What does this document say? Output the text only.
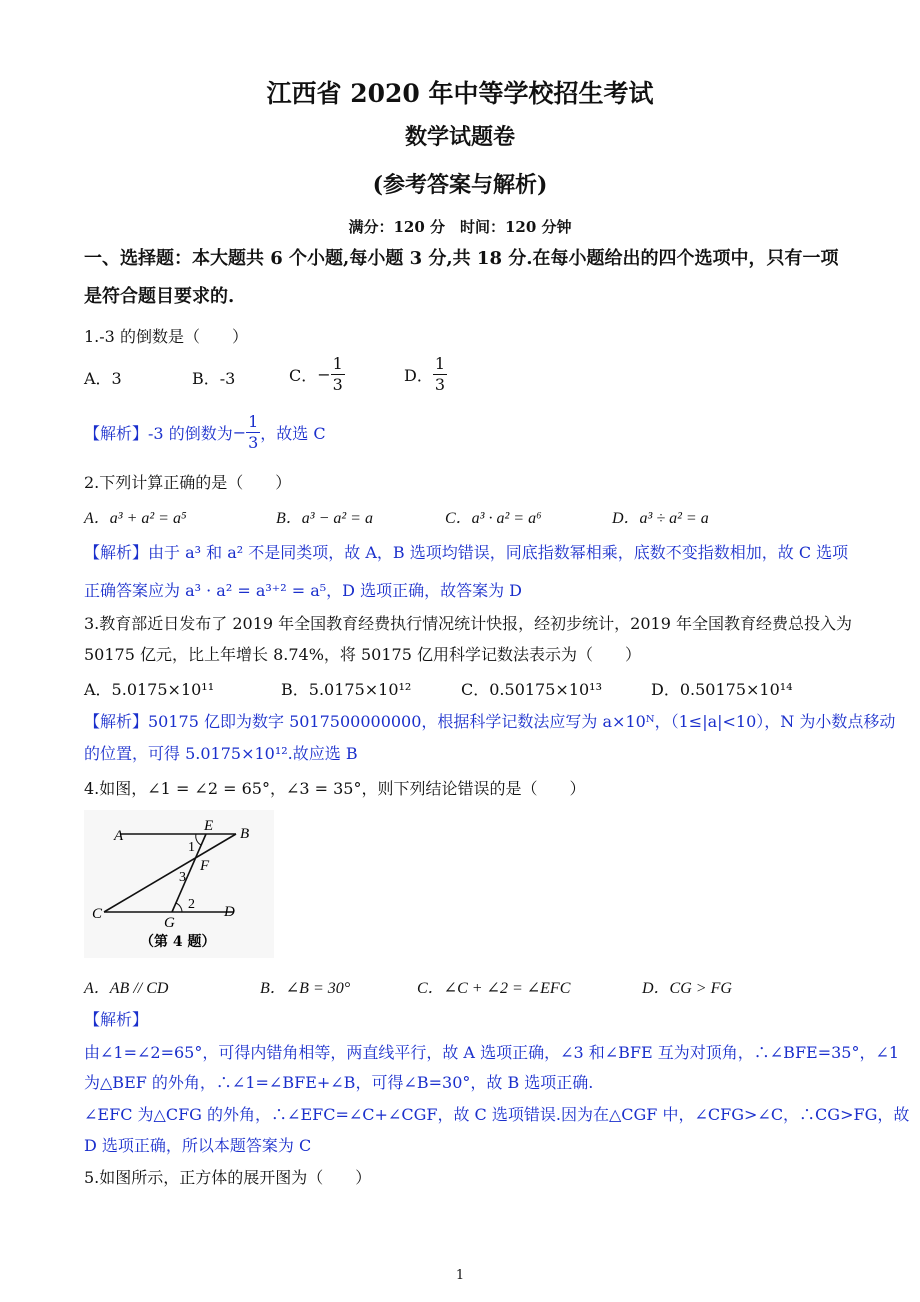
江西省 2020 年中等学校招生考试
数学试题卷
(参考答案与解析)
满分：120 分　时间：120 分钟
一、选择题：本大题共 6 个小题,每小题 3 分,共 18 分.在每小题给出的四个选项中，只有一项是符合题目要求的.
1.-3 的倒数是（　　）
A．3	B．-3	C．− $\frac{1}{3}$	D． $\frac{1}{3}$
【解析】-3 的倒数为− $\frac{1}{3}$ ，故选 C
2.下列计算正确的是（　　）
A．a³ + a² = a⁵	B．a³ − a² = a	C．a³ · a² = a⁶	D．a³ ÷ a² = a
【解析】由于 a³ 和 a² 不是同类项，故 A，B 选项均错误，同底指数幂相乘，底数不变指数相加，故 C 选项
正确答案应为 a³ · a² = a³⁺² = a⁵，D 选项正确，故答案为 D
3.教育部近日发布了 2019 年全国教育经费执行情况统计快报，经初步统计，2019 年全国教育经费总投入为
50175 亿元，比上年增长 8.74%，将 50175 亿用科学记数法表示为（　　）
A．5.0175×10¹¹	B．5.0175×10¹²	C．0.50175×10¹³	D．0.50175×10¹⁴
【解析】50175 亿即为数字 5017500000000，根据科学记数法应写为 a×10ᴺ，（1≤|a|<10），N 为小数点移动
的位置，可得 5.0175×10¹².故应选 B
4.如图，∠1 = ∠2 = 65°，∠3 = 35°，则下列结论错误的是（　　）
A	B
C	D
E
F
G
1
2
3
（第 4 题）
A．AB // CD	B．∠B = 30°	C．∠C + ∠2 = ∠EFC	D．CG > FG
【解析】
由∠1=∠2=65°，可得内错角相等，两直线平行，故 A 选项正确，∠3 和∠BFE 互为对顶角，∴∠BFE=35°，∠1
为△BEF 的外角，∴∠1=∠BFE+∠B，可得∠B=30°，故 B 选项正确.
∠EFC 为△CFG 的外角，∴∠EFC=∠C+∠CGF，故 C 选项错误.因为在△CGF 中，∠CFG>∠C，∴CG>FG，故
D 选项正确，所以本题答案为 C
5.如图所示，正方体的展开图为（　　）
1
